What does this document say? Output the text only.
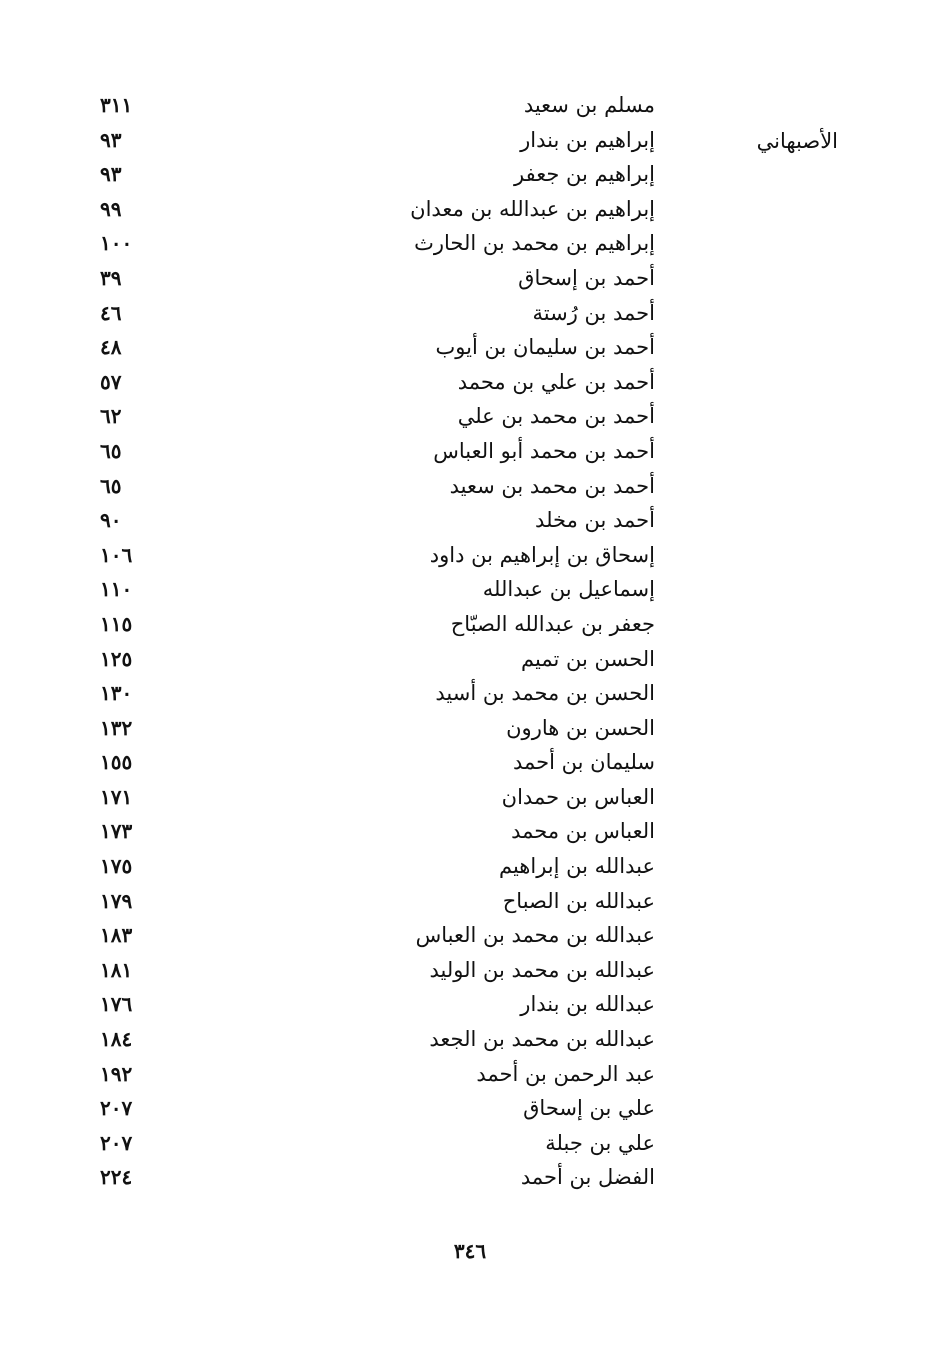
الأصبهاني
مسلم بن سعيد
٣١١
إبراهيم بن بندار
٩٣
إبراهيم بن جعفر
٩٣
إبراهيم بن عبدالله بن معدان
٩٩
إبراهيم بن محمد بن الحارث
١٠٠
أحمد بن إسحاق
٣٩
أحمد بن رُستة
٤٦
أحمد بن سليمان بن أيوب
٤٨
أحمد بن علي بن محمد
٥٧
أحمد بن محمد بن علي
٦٢
أحمد بن محمد أبو العباس
٦٥
أحمد بن محمد بن سعيد
٦٥
أحمد بن مخلد
٩٠
إسحاق بن إبراهيم بن داود
١٠٦
إسماعيل بن عبدالله
١١٠
جعفر بن عبدالله الصبّاح
١١٥
الحسن بن تميم
١٢٥
الحسن بن محمد بن أسيد
١٣٠
الحسن بن هارون
١٣٢
سليمان بن أحمد
١٥٥
العباس بن حمدان
١٧١
العباس بن محمد
١٧٣
عبدالله بن إبراهيم
١٧٥
عبدالله بن الصباح
١٧٩
عبدالله بن محمد بن العباس
١٨٣
عبدالله بن محمد بن الوليد
١٨١
عبدالله بن بندار
١٧٦
عبدالله بن محمد بن الجعد
١٨٤
عبد الرحمن بن أحمد
١٩٢
علي بن إسحاق
٢٠٧
علي بن جبلة
٢٠٧
الفضل بن أحمد
٢٢٤
٣٤٦
